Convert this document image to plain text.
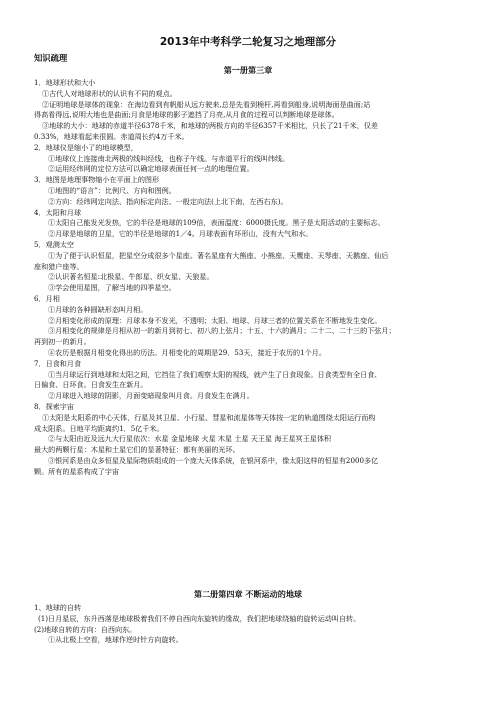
2013年中考科学二轮复习之地理部分
知识疏理
第一册第三章
1．地球形状和大小
①古代人对地球形状的认识有不同的观点。
②证明地球是球体的现象：在海边看到有帆船从远方驶来,总是先看到桅杆,再看到船身,说明海面是曲面;站
得高看得远,说明大地也是曲面;月食是地球的影子遮挡了月亮,从月食的过程可以判断地球是球体。
③地球的大小：地球的赤道半径6378千米，和地球的两极方向的半径6357千米相比，只长了21千米，仅差
0.33%，地球看起来很圆。赤道周长约4万千米。
2．地球仪是缩小了的地球模型，
①地球仪上连接南北两极的线叫经线，也称子午线。与赤道平行的线叫纬线。
②运用经纬网的定位方法可以确定地球表面任何一点的地理位置。
3．地图是地理事物缩小在平面上的图形
①地图的“语言”：比例尺、方向和图例。
②方向：经纬网定向法、指向标定向法、一般定向法(上北下南，左西右东)。
4．太阳和月球
①太阳自己能发光发热，它的半径是地球的109倍，表面温度：6000摄氏度。黑子是太阳活动的主要标志。
②月球是地球的卫星，它的半径是地球的1／4。月球表面有环形山，没有大气和水。
5．观测太空
①为了便于认识恒星，把星空分成很多个星座。著名星座有大熊座、小熊座、天鹰座、天琴座、天鹅座、仙后
座和猎户座等。
②认识著名恒星:北极星、牛郎星、织女星、天狼星。
③学会使用星图，了解当地的四季星空。
6．月相
①月球的各种圆缺形态叫月相。
②月相变化形成的原理：月球本身不发光，不透明；太阳、地球、月球三者的位置关系在不断地发生变化。
③月相变化的规律是月相从初一的新月到初七、初八的上弦月；十五、十六的满月；二十二、二十三的下弦月；
再到初一的新月。
④农历是根据月相变化得出的历法。月相变化的周期是29．53天，接近于农历的1个月。
7．日食和月食
①当月球运行到地球和太阳之间，它挡住了我们观察太阳的视线，就产生了日食现象。日食类型有全日食、
日偏食、日环食。日食发生在新月。
②月球进入地球的阴影，月面变暗现象叫月食。月食发生在满月。
8．探索宇宙
①太阳是太阳系的中心天体，行星及其卫星、小行星、彗星和流星体等天体按一定的轨道围绕太阳运行而构
成太阳系。日地平均距离约1．5亿千米。
②与太阳由近及远九大行星依次：水星 金星地球 火星 木星 土星 天王星 海王星冥王星体积
最大的两颗行星：木星和土星它们的显著特征：都有美丽的光环。
③银河系是由众多恒星及星际物质组成的一个庞大天体系统，在银河系中，像太阳这样的恒星有2000多亿
颗。所有的星系构成了宇宙
第二册第四章 不断运动的地球
1、地球的自转
(1)日月星辰，东升西落是地球极着我们不停自西向东旋转的缘故，我们把地球绕轴的旋转运动叫自转。
(2)地球自转的方向：自西向东。
①从北极上空看，地球作逆时针方向旋转。
